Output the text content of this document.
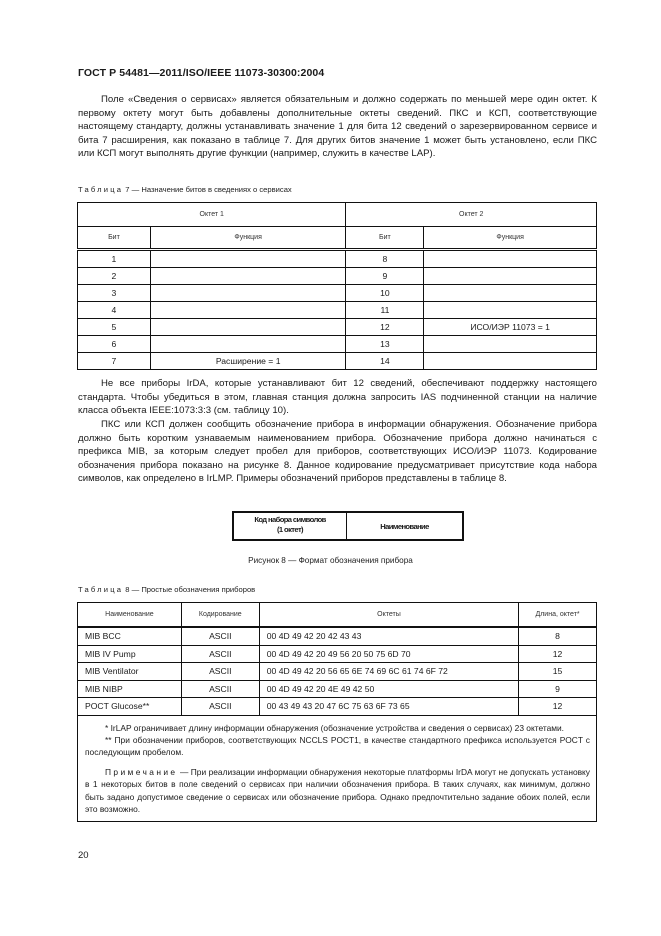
ГОСТ Р 54481—2011/ISO/IEEE 11073-30300:2004

Поле «Сведения о сервисах» является обязательным и должно содержать по меньшей мере один октет. К первому октету могут быть добавлены дополнительные октеты сведений. ПКС и КСП, соответствующие настоящему стандарту, должны устанавливать значение 1 для бита 12 сведений о зарезервированном сервисе и бита 7 расширения, как показано в таблице 7. Для других битов значение 1 может быть установлено, если ПКС или КСП могут выполнять другие функции (например, служить в качестве LAP).

Таблица 7 — Назначение битов в сведениях о сервисах
Октет 1		Октет 2	
Бит	Функция	Бит	Функция
1		8	
2		9	
3		10	
4		11	
5		12	ИСО/ИЭР 11073 = 1
6		13	
7	Расширение = 1	14	

Не все приборы IrDA, которые устанавливают бит 12 сведений, обеспечивают поддержку настоящего стандарта. Чтобы убедиться в этом, главная станция должна запросить IAS подчиненной станции на наличие класса объекта IEEE:1073:3:3 (см. таблицу 10).

ПКС или КСП должен сообщить обозначение прибора в информации обнаружения. Обозначение прибора должно быть коротким узнаваемым наименованием прибора. Обозначение прибора должно начинаться с префикса MIB, за которым следует пробел для приборов, соответствующих ИСО/ИЭР 11073. Кодирование обозначения прибора показано на рисунке 8. Данное кодирование предусматривает присутствие кода набора символов, как определено в IrLMP. Примеры обозначений приборов представлены в таблице 8.

Код набора символов
(1 октет)	Наименование
Рисунок 8 — Формат обозначения прибора
Таблица 8 — Простые обозначения приборов
Наименование	Кодирование	Октеты	Длина, октет*
MIB BCC	ASCII	00 4D 49 42 20 42 43 43	8
MIB IV Pump	ASCII	00 4D 49 42 20 49 56 20 50 75 6D 70	12
MIB Ventilator	ASCII	00 4D 49 42 20 56 65 6E 74 69 6C 61 74 6F 72	15
MIB NIBP	ASCII	00 4D 49 42 20 4E 49 42 50	9
POCT Glucose**	ASCII	00 43 49 43 20 47 6C 75 63 6F 73 65	12

* IrLAP ограничивает длину информации обнаружения (обозначение устройства и сведения о сервисах) 23 октетами.
** При обозначении приборов, соответствующих NCCLS POCT1, в качестве стандартного префикса используется POCT с последующим пробелом.
Примечание — При реализации информации обнаружения некоторые платформы IrDA могут не допускать установку в 1 некоторых битов в поле сведений о сервисах при наличии обозначения прибора. В таких случаях, как минимум, должно быть задано допустимое сведение о сервисах или обозначение прибора. Однако предпочтительно задание обоих полей, если это возможно.			
20
